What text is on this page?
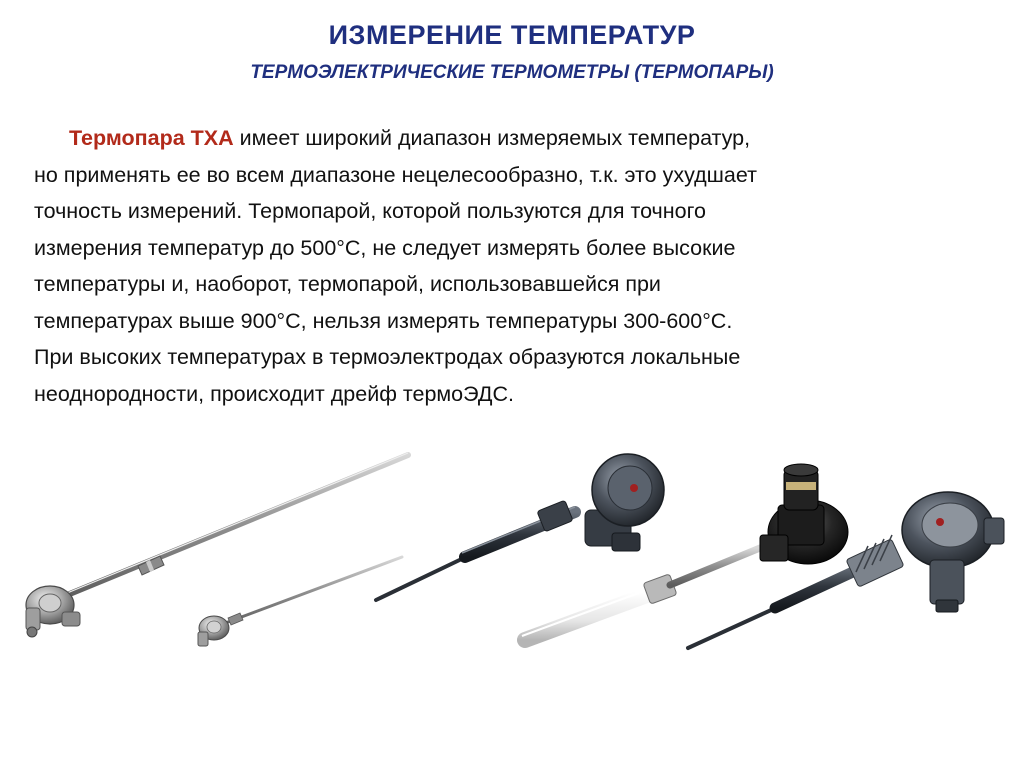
ИЗМЕРЕНИЕ ТЕМПЕРАТУР
ТЕРМОЭЛЕКТРИЧЕСКИЕ ТЕРМОМЕТРЫ (ТЕРМОПАРЫ)
Термопара ТХА имеет широкий диапазон измеряемых температур,
но применять ее во всем диапазоне нецелесообразно, т.к. это ухудшает
точность измерений. Термопарой, которой пользуются для точного
измерения температур до 500°С, не следует измерять более высокие
температуры и, наоборот, термопарой, использовавшейся при
температурах выше 900°С, нельзя измерять температуры 300-600°С.
При высоких температурах в термоэлектродах образуются локальные
неоднородности, происходит дрейф термоЭДС.
